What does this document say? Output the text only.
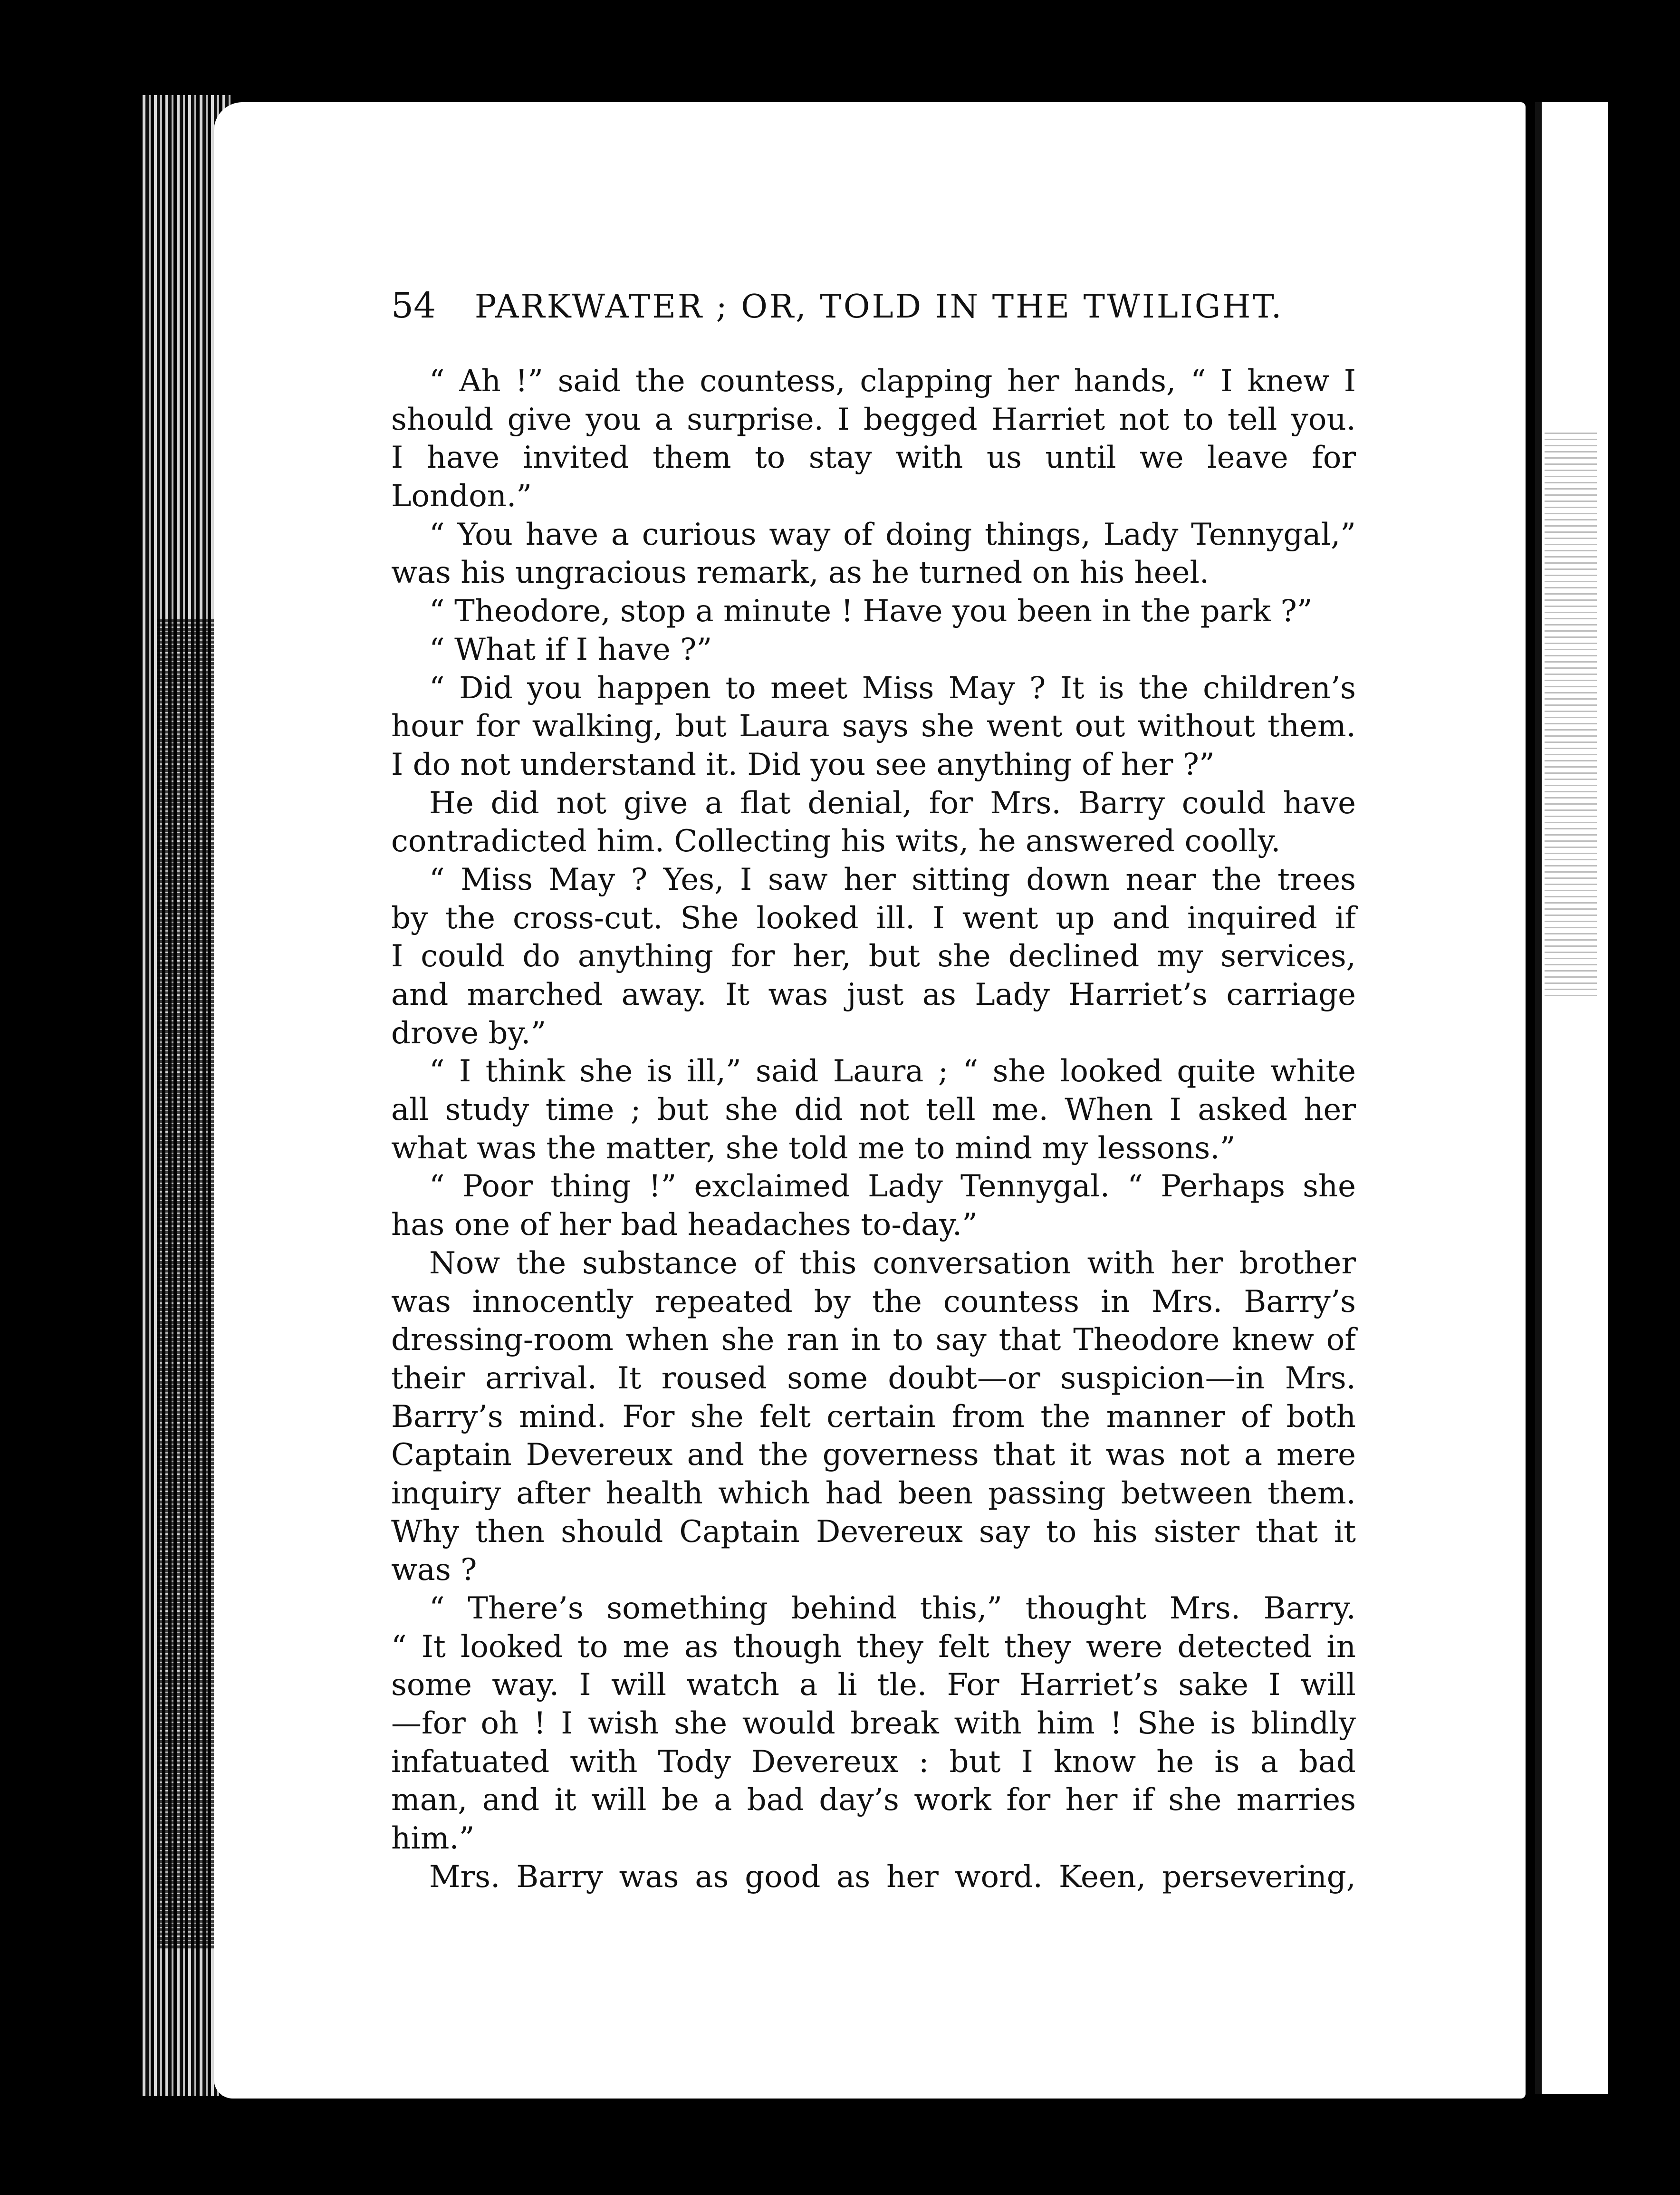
54 PARKWATER ; OR, TOLD IN THE TWILIGHT.
“ Ah !” said the countess, clapping her hands, “ I knew I
should give you a surprise. I begged Harriet not to tell you.
I have invited them to stay with us until we leave for
London.”
“ You have a curious way of doing things, Lady Tennygal,”
was his ungracious remark, as he turned on his heel.
“ Theodore, stop a minute ! Have you been in the park ?”
“ What if I have ?”
“ Did you happen to meet Miss May ? It is the children’s
hour for walking, but Laura says she went out without them.
I do not understand it. Did you see anything of her ?”
He did not give a flat denial, for Mrs. Barry could have
contradicted him. Collecting his wits, he answered coolly.
“ Miss May ? Yes, I saw her sitting down near the trees
by the cross-cut. She looked ill. I went up and inquired if
I could do anything for her, but she declined my services,
and marched away. It was just as Lady Harriet’s carriage
drove by.”
“ I think she is ill,” said Laura ; “ she looked quite white
all study time ; but she did not tell me. When I asked her
what was the matter, she told me to mind my lessons.”
“ Poor thing !” exclaimed Lady Tennygal. “ Perhaps she
has one of her bad headaches to-day.”
Now the substance of this conversation with her brother
was innocently repeated by the countess in Mrs. Barry’s
dressing-room when she ran in to say that Theodore knew of
their arrival. It roused some doubt—or suspicion—in Mrs.
Barry’s mind. For she felt certain from the manner of both
Captain Devereux and the governess that it was not a mere
inquiry after health which had been passing between them.
Why then should Captain Devereux say to his sister that it
was ?
“ There’s something behind this,” thought Mrs. Barry.
“ It looked to me as though they felt they were detected in
some way. I will watch a li tle. For Harriet’s sake I will
—for oh ! I wish she would break with him ! She is blindly
infatuated with Tody Devereux : but I know he is a bad
man, and it will be a bad day’s work for her if she marries
him.”
Mrs. Barry was as good as her word. Keen, persevering,
